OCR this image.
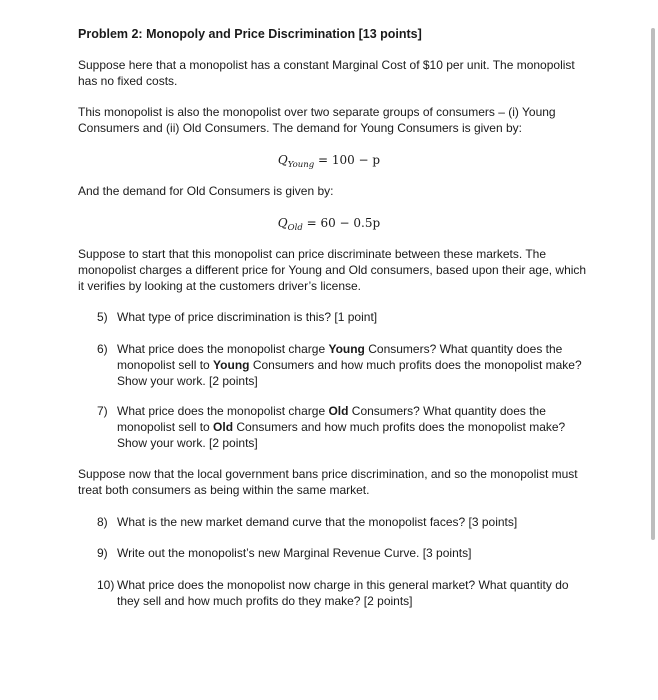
Problem 2: Monopoly and Price Discrimination [13 points]
Suppose here that a monopolist has a constant Marginal Cost of $10 per unit. The monopolist has no fixed costs.
This monopolist is also the monopolist over two separate groups of consumers – (i) Young Consumers and (ii) Old Consumers. The demand for Young Consumers is given by:
$Q_{Young} = 100 - p$
And the demand for Old Consumers is given by:
$Q_{Old} = 60 - 0.5p$
Suppose to start that this monopolist can price discriminate between these markets. The monopolist charges a different price for Young and Old consumers, based upon their age, which it verifies by looking at the customers driver’s license.
5) What type of price discrimination is this? [1 point]
6) What price does the monopolist charge Young Consumers? What quantity does the monopolist sell to Young Consumers and how much profits does the monopolist make? Show your work. [2 points]
7) What price does the monopolist charge Old Consumers? What quantity does the monopolist sell to Old Consumers and how much profits does the monopolist make? Show your work. [2 points]
Suppose now that the local government bans price discrimination, and so the monopolist must treat both consumers as being within the same market.
8) What is the new market demand curve that the monopolist faces? [3 points]
9) Write out the monopolist’s new Marginal Revenue Curve. [3 points]
10) What price does the monopolist now charge in this general market? What quantity do they sell and how much profits do they make? [2 points]
